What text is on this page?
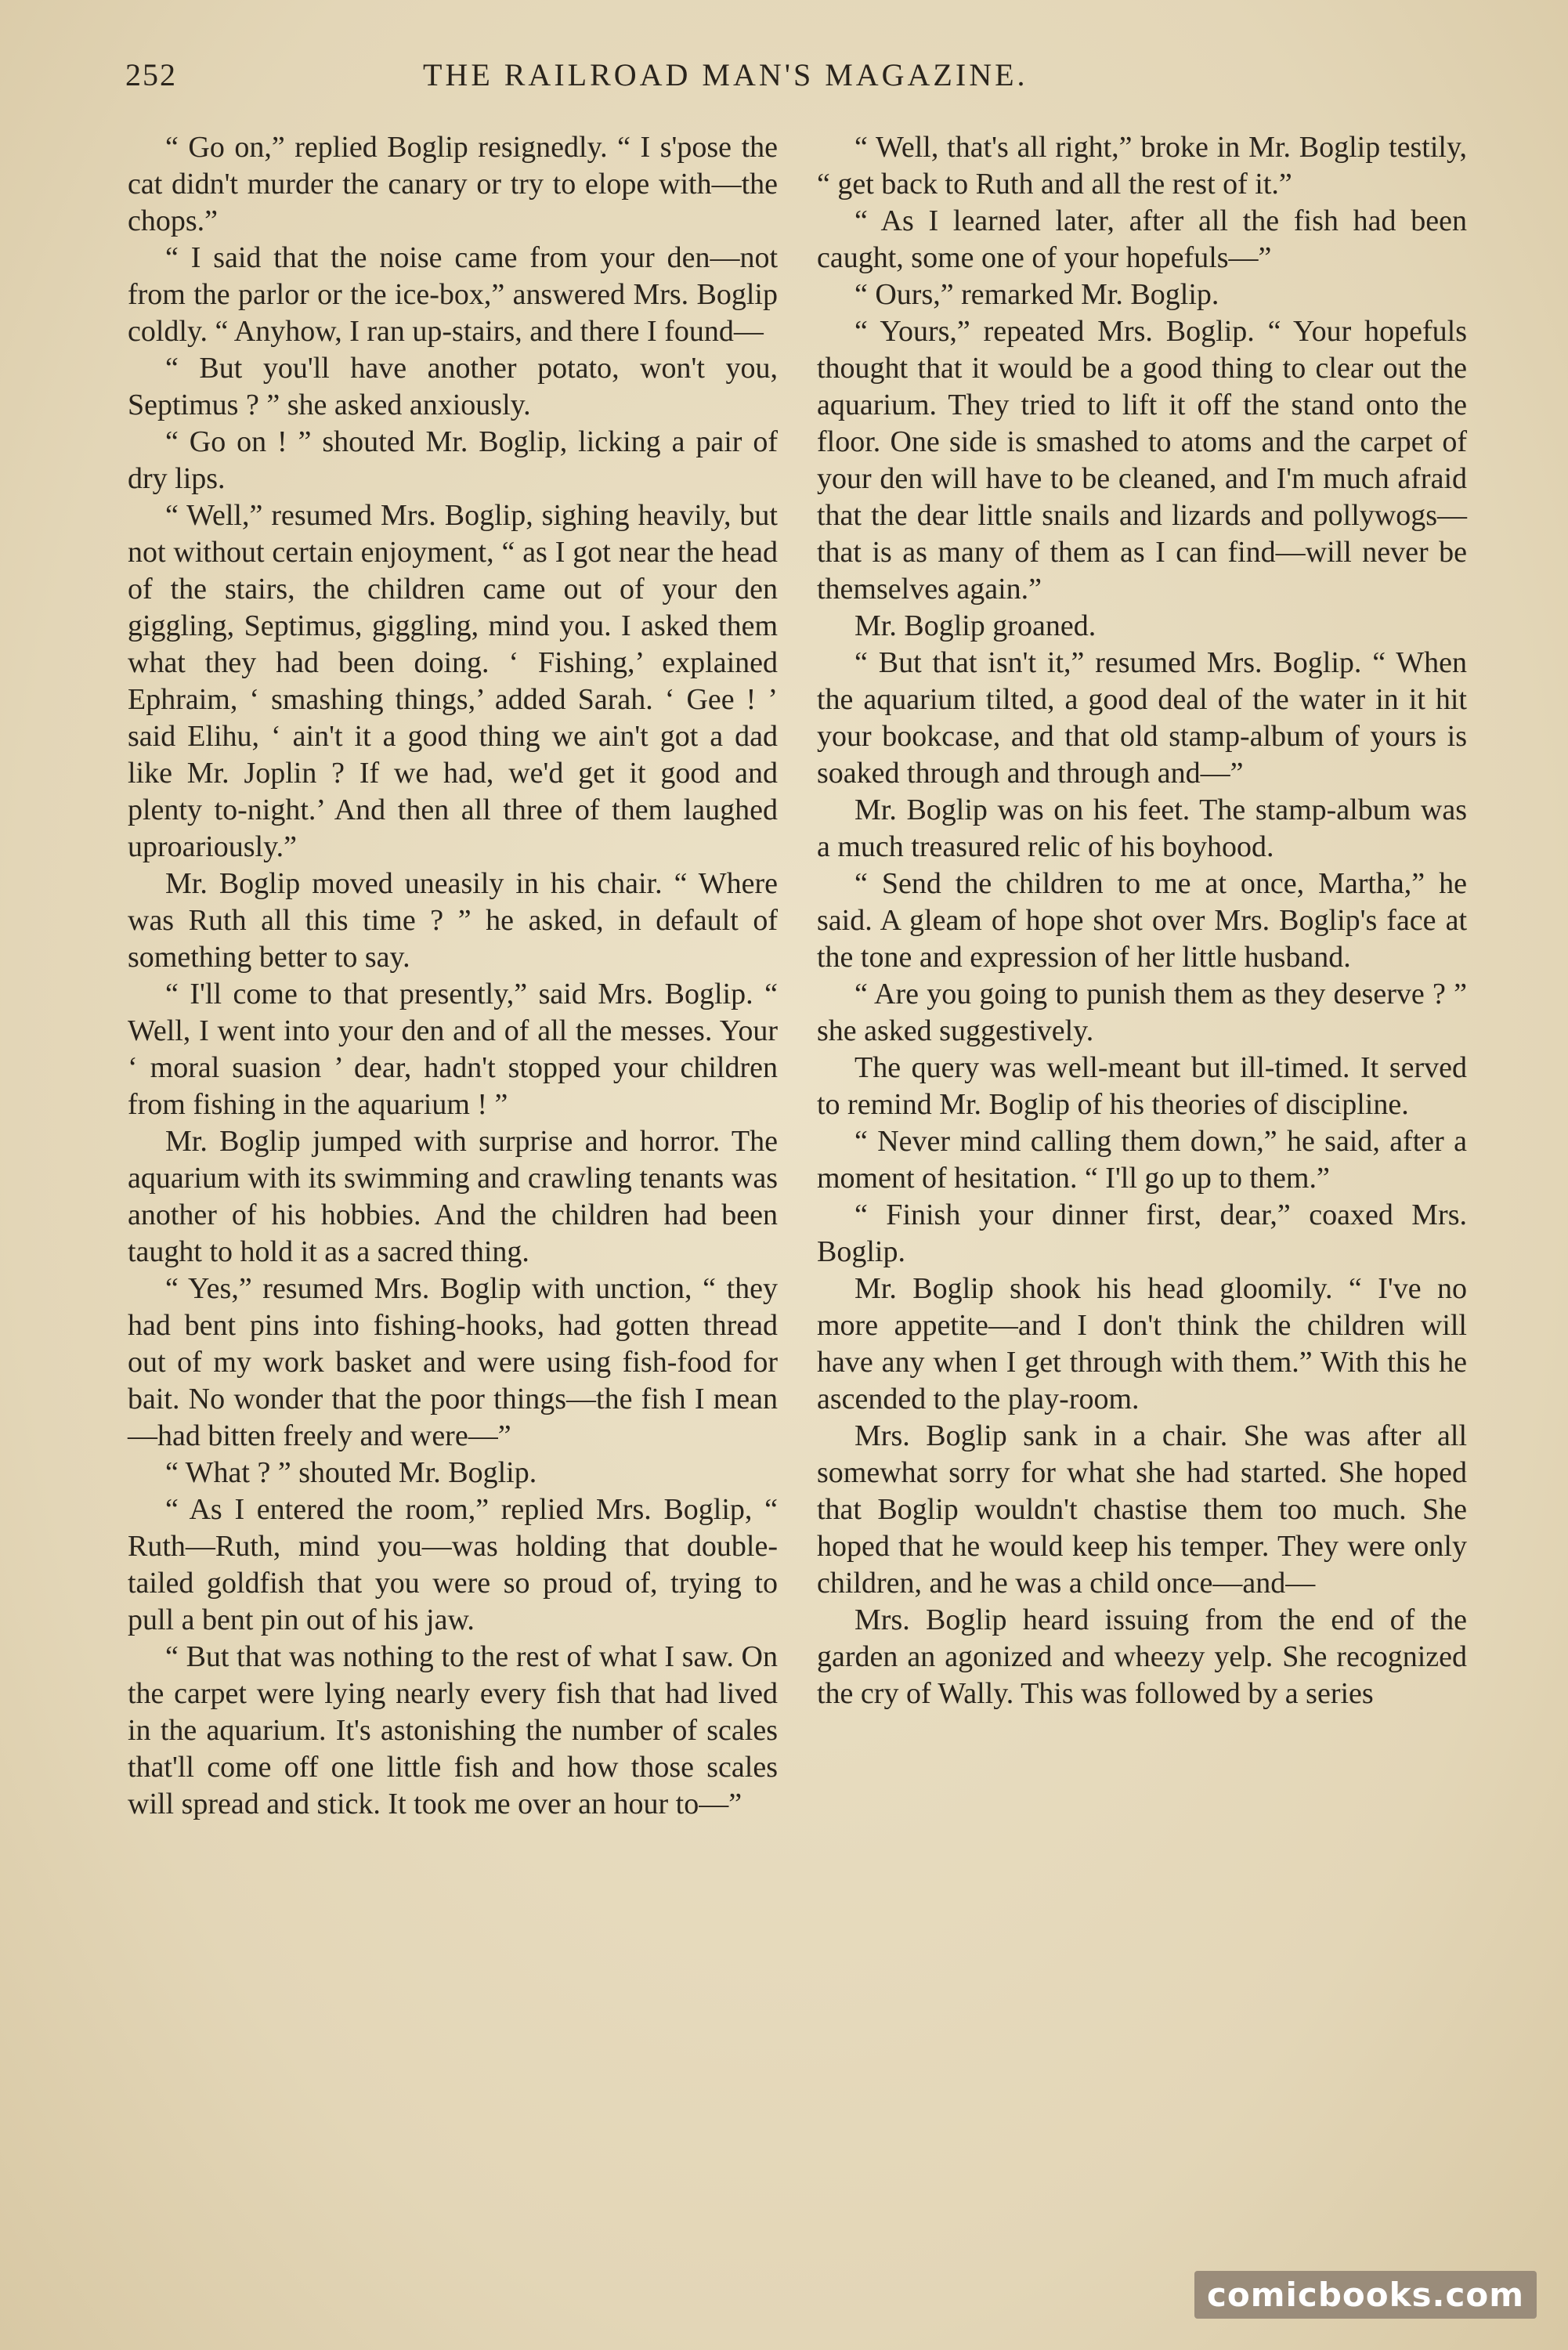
252	THE RAILROAD MAN'S MAGAZINE.

“ Go on,” replied Boglip resignedly. “ I s'pose the cat didn't murder the canary or try to elope with—the chops.”

“ I said that the noise came from your den—not from the parlor or the ice-box,” answered Mrs. Boglip coldly. “ Anyhow, I ran up-stairs, and there I found—

“ But you'll have another potato, won't you, Septimus ? ” she asked anxiously.

“ Go on ! ” shouted Mr. Boglip, licking a pair of dry lips.

“ Well,” resumed Mrs. Boglip, sighing heavily, but not without certain enjoyment, “ as I got near the head of the stairs, the children came out of your den giggling, Septimus, giggling, mind you. I asked them what they had been doing. ‘ Fishing,’ explained Ephraim, ‘ smashing things,’ added Sarah. ‘ Gee ! ’ said Elihu, ‘ ain't it a good thing we ain't got a dad like Mr. Joplin ? If we had, we'd get it good and plenty to-night.’ And then all three of them laughed uproariously.”

Mr. Boglip moved uneasily in his chair. “ Where was Ruth all this time ? ” he asked, in default of something better to say.

“ I'll come to that presently,” said Mrs. Boglip. “ Well, I went into your den and of all the messes. Your ‘ moral suasion ’ dear, hadn't stopped your children from fishing in the aquarium ! ”

Mr. Boglip jumped with surprise and horror. The aquarium with its swimming and crawling tenants was another of his hobbies. And the children had been taught to hold it as a sacred thing.

“ Yes,” resumed Mrs. Boglip with unction, “ they had bent pins into fishing-hooks, had gotten thread out of my work basket and were using fish-food for bait. No wonder that the poor things—the fish I mean—had bitten freely and were—”

“ What ? ” shouted Mr. Boglip.

“ As I entered the room,” replied Mrs. Boglip, “ Ruth—Ruth, mind you—was holding that double-tailed goldfish that you were so proud of, trying to pull a bent pin out of his jaw.

“ But that was nothing to the rest of what I saw. On the carpet were lying nearly every fish that had lived in the aquarium. It's astonishing the number of scales that'll come off one little fish and how those scales will spread and stick. It took me over an hour to—”

“ Well, that's all right,” broke in Mr. Boglip testily, “ get back to Ruth and all the rest of it.”

“ As I learned later, after all the fish had been caught, some one of your hopefuls—”

“ Ours,” remarked Mr. Boglip.

“ Yours,” repeated Mrs. Boglip. “ Your hopefuls thought that it would be a good thing to clear out the aquarium. They tried to lift it off the stand onto the floor. One side is smashed to atoms and the carpet of your den will have to be cleaned, and I'm much afraid that the dear little snails and lizards and pollywogs—that is as many of them as I can find—will never be themselves again.”

Mr. Boglip groaned.

“ But that isn't it,” resumed Mrs. Boglip. “ When the aquarium tilted, a good deal of the water in it hit your bookcase, and that old stamp-album of yours is soaked through and through and—”

Mr. Boglip was on his feet. The stamp-album was a much treasured relic of his boyhood.

“ Send the children to me at once, Martha,” he said. A gleam of hope shot over Mrs. Boglip's face at the tone and expression of her little husband.

“ Are you going to punish them as they deserve ? ” she asked suggestively.

The query was well-meant but ill-timed. It served to remind Mr. Boglip of his theories of discipline.

“ Never mind calling them down,” he said, after a moment of hesitation. “ I'll go up to them.”

“ Finish your dinner first, dear,” coaxed Mrs. Boglip.

Mr. Boglip shook his head gloomily. “ I've no more appetite—and I don't think the children will have any when I get through with them.” With this he ascended to the play-room.

Mrs. Boglip sank in a chair. She was after all somewhat sorry for what she had started. She hoped that Boglip wouldn't chastise them too much. She hoped that he would keep his temper. They were only children, and he was a child once—and—

Mrs. Boglip heard issuing from the end of the garden an agonized and wheezy yelp. She recognized the cry of Wally. This was followed by a series

comicbooks.com
